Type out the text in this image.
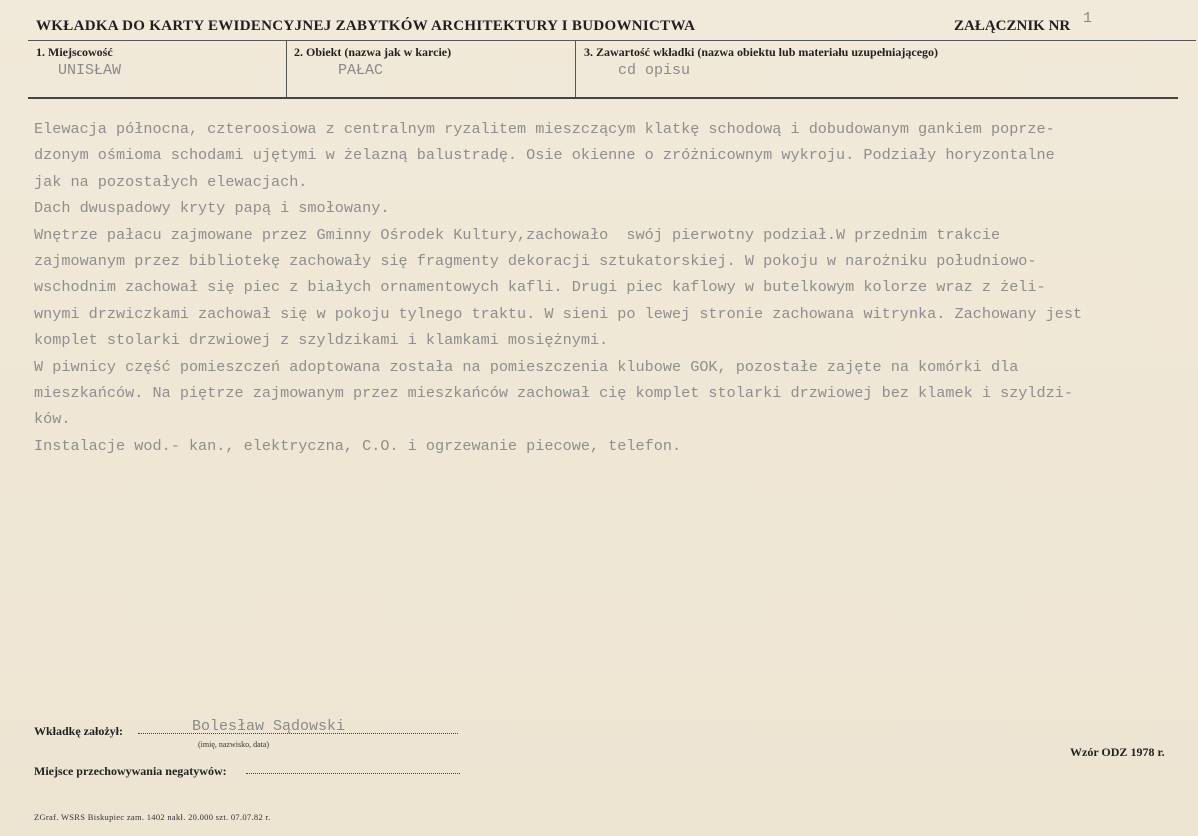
WKŁADKA DO KARTY EWIDENCYJNEJ ZABYTKÓW ARCHITEKTURY I BUDOWNICTWA	ZAŁĄCZNIK NR 1
1. Miejscowość
UNISŁAW
2. Obiekt (nazwa jak w karcie)
PAŁAC
3. Zawartość wkładki (nazwa obiektu lub materiału uzupełniającego)
cd opisu
Elewacja północna, czteroosiowa z centralnym ryzalitem mieszczącym klatkę schodową i dobudowanym gankiem poprze-
dzonym ośmioma schodami ujętymi w żelazną balustradę. Osie okienne o zróżnicownym wykroju. Podziały horyzontalne
jak na pozostałych elewacjach.
Dach dwuspadowy kryty papą i smołowany.
Wnętrze pałacu zajmowane przez Gminny Ośrodek Kultury,zachowało  swój pierwotny podział.W przednim trakcie
zajmowanym przez bibliotekę zachowały się fragmenty dekoracji sztukatorskiej. W pokoju w narożniku południowo-
wschodnim zachował się piec z białych ornamentowych kafli. Drugi piec kaflowy w butelkowym kolorze wraz z żeli-
wnymi drzwiczkami zachował się w pokoju tylnego traktu. W sieni po lewej stronie zachowana witrynka. Zachowany jest
komplet stolarki drzwiowej z szyldzikami i klamkami mosiężnymi.
W piwnicy część pomieszczeń adoptowana została na pomieszczenia klubowe GOK, pozostałe zajęte na komórki dla
mieszkańców. Na piętrze zajmowanym przez mieszkańców zachował cię komplet stolarki drzwiowej bez klamek i szyldzi-
ków.
Instalacje wod.- kan., elektryczna, C.O. i ogrzewanie piecowe, telefon.
Wkładkę założył:	Bolesław Sądowski
(imię, nazwisko, data)
Miejsce przechowywania negatywów:
Wzór ODZ 1978 r.
ZGraf. WSRS Biskupiec zam. 1402 nakł. 20.000 szt. 07.07.82 r.
